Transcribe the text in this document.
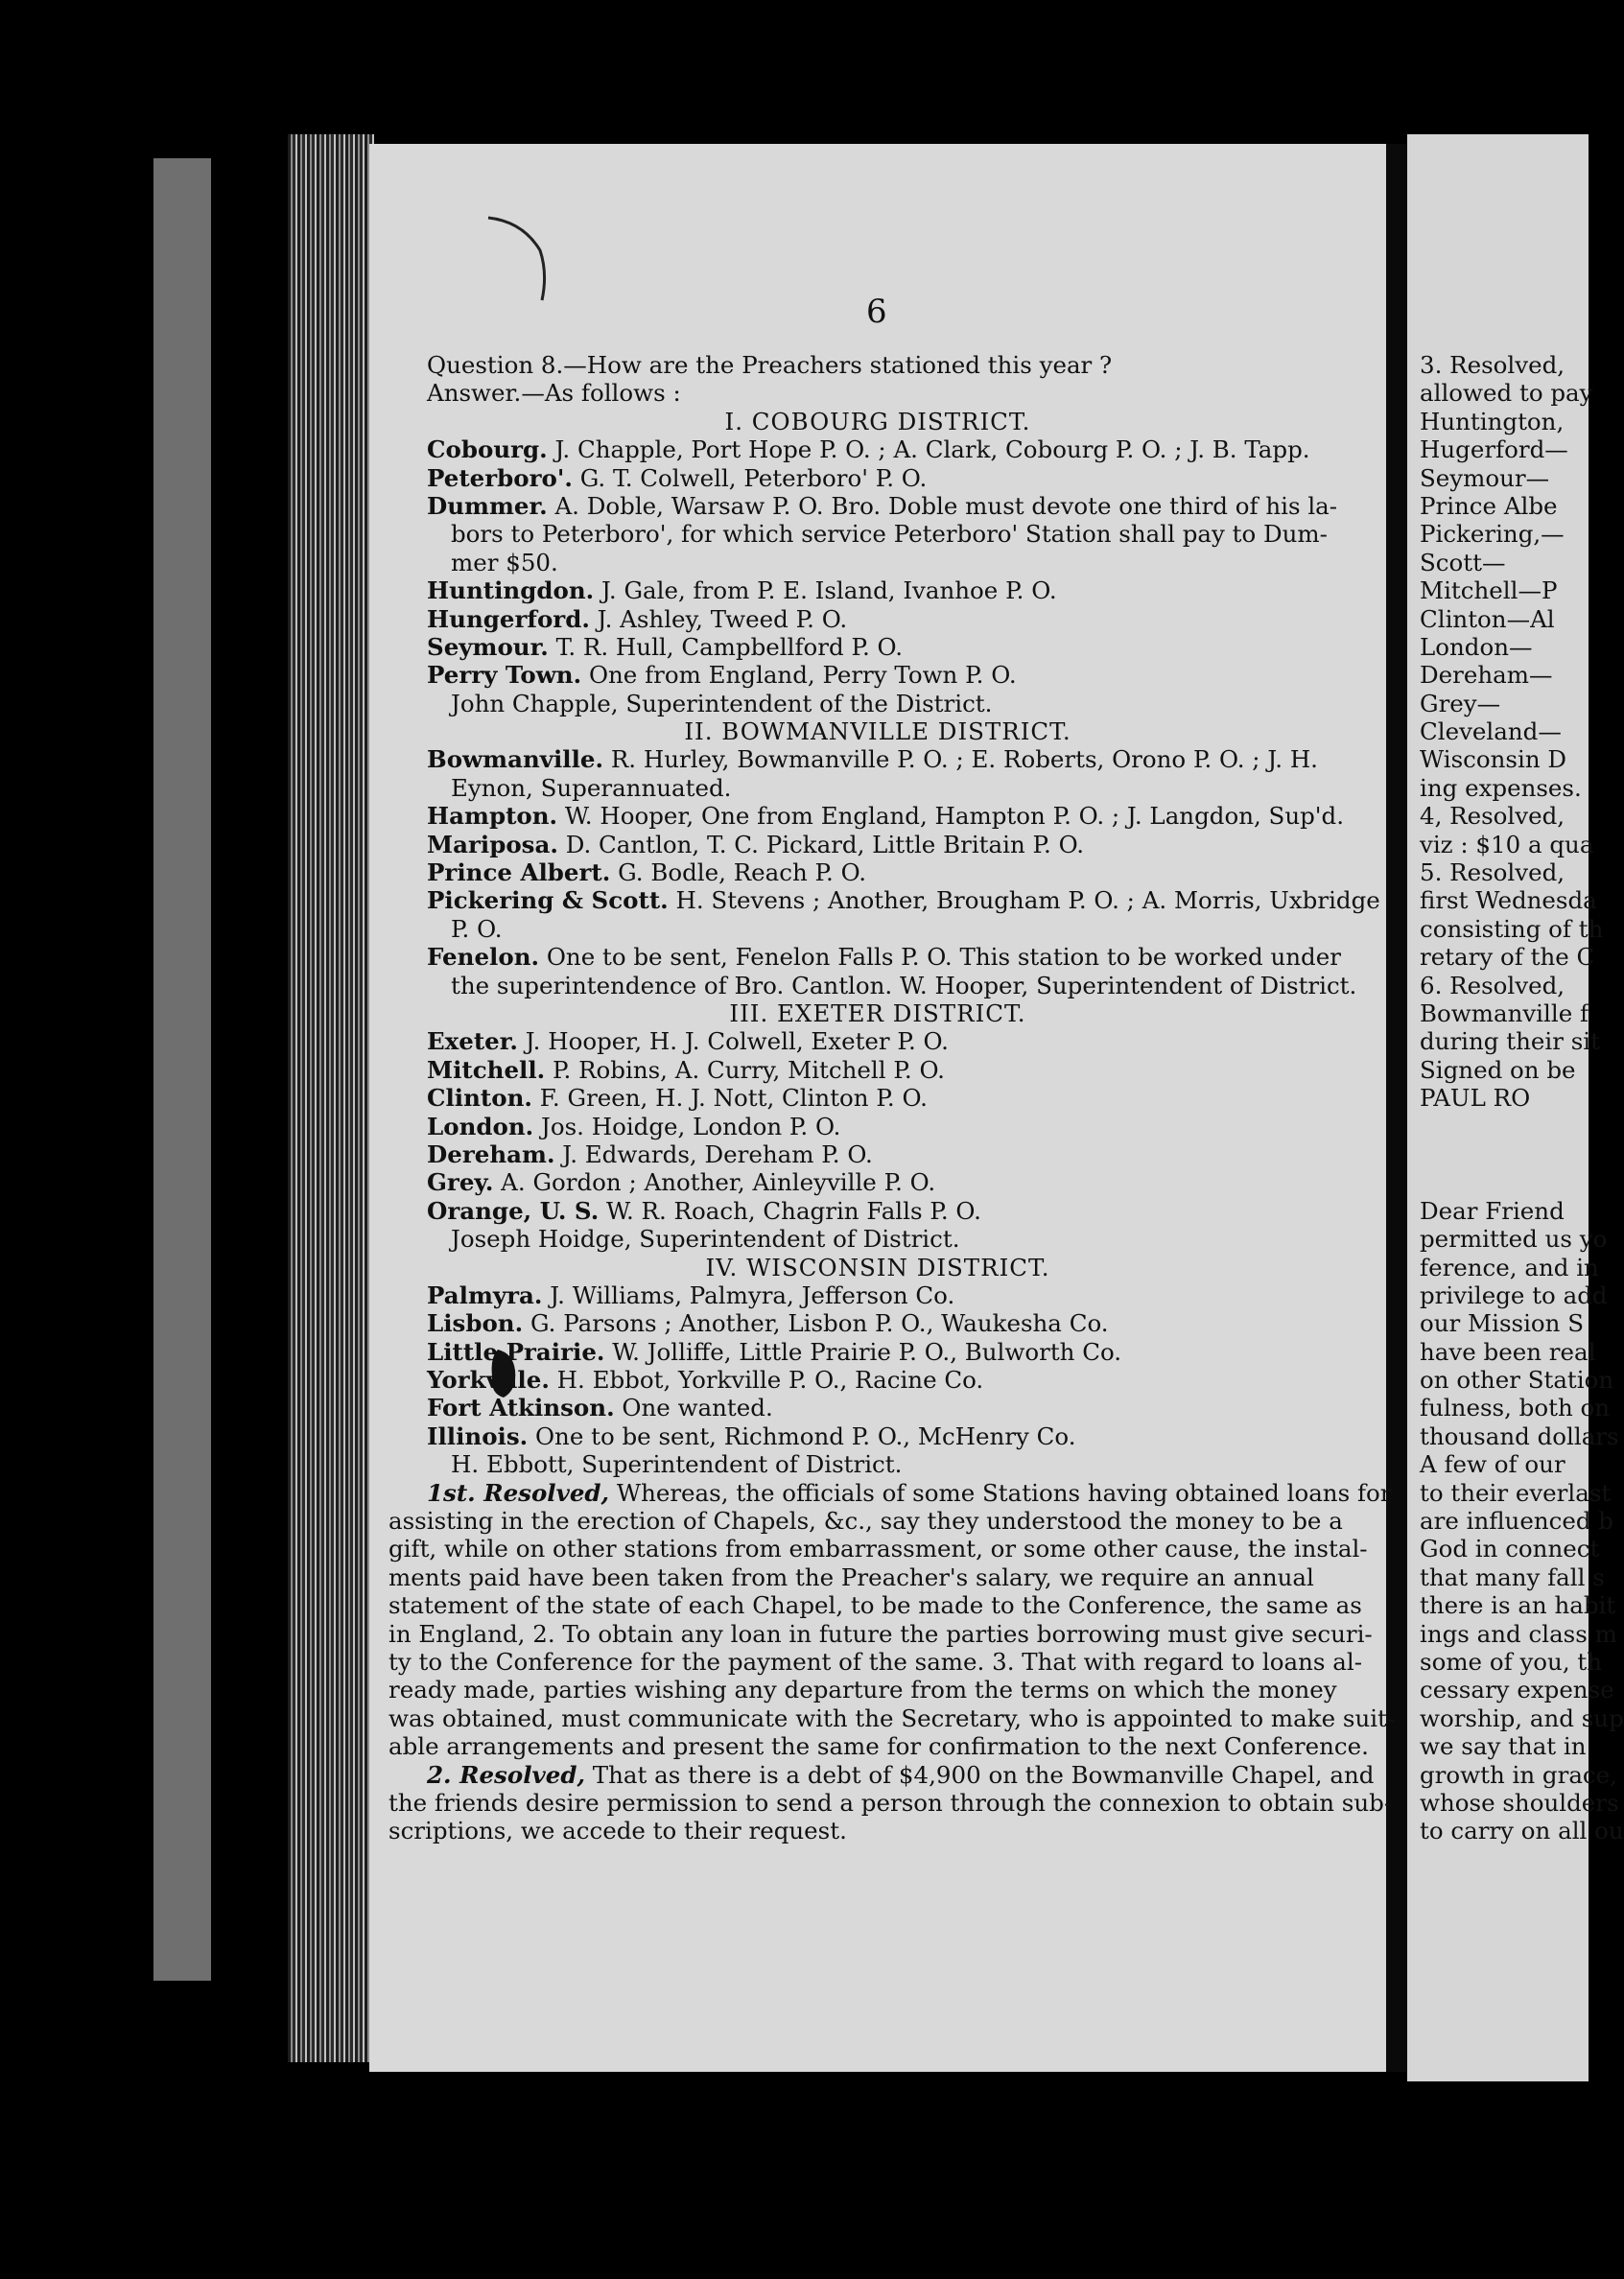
6
Question 8.—How are the Preachers stationed this year ?
Answer.—As follows :
I. COBOURG DISTRICT.
Cobourg. J. Chapple, Port Hope P. O. ; A. Clark, Cobourg P. O. ; J. B. Tapp.
Peterboro'. G. T. Colwell, Peterboro' P. O.
Dummer. A. Doble, Warsaw P. O. Bro. Doble must devote one third of his la-
bors to Peterboro', for which service Peterboro' Station shall pay to Dum-
mer $50.
Huntingdon. J. Gale, from P. E. Island, Ivanhoe P. O.
Hungerford. J. Ashley, Tweed P. O.
Seymour. T. R. Hull, Campbellford P. O.
Perry Town. One from England, Perry Town P. O.
John Chapple, Superintendent of the District.
II. BOWMANVILLE DISTRICT.
Bowmanville. R. Hurley, Bowmanville P. O. ; E. Roberts, Orono P. O. ; J. H.
Eynon, Superannuated.
Hampton. W. Hooper, One from England, Hampton P. O. ; J. Langdon, Sup'd.
Mariposa. D. Cantlon, T. C. Pickard, Little Britain P. O.
Prince Albert. G. Bodle, Reach P. O.
Pickering & Scott. H. Stevens ; Another, Brougham P. O. ; A. Morris, Uxbridge
P. O.
Fenelon. One to be sent, Fenelon Falls P. O. This station to be worked under
the superintendence of Bro. Cantlon. W. Hooper, Superintendent of District.
III. EXETER DISTRICT.
Exeter. J. Hooper, H. J. Colwell, Exeter P. O.
Mitchell. P. Robins, A. Curry, Mitchell P. O.
Clinton. F. Green, H. J. Nott, Clinton P. O.
London. Jos. Hoidge, London P. O.
Dereham. J. Edwards, Dereham P. O.
Grey. A. Gordon ; Another, Ainleyville P. O.
Orange, U. S. W. R. Roach, Chagrin Falls P. O.
Joseph Hoidge, Superintendent of District.
IV. WISCONSIN DISTRICT.
Palmyra. J. Williams, Palmyra, Jefferson Co.
Lisbon. G. Parsons ; Another, Lisbon P. O., Waukesha Co.
Little Prairie. W. Jolliffe, Little Prairie P. O., Bulworth Co.
Yorkville. H. Ebbot, Yorkville P. O., Racine Co.
Fort Atkinson. One wanted.
Illinois. One to be sent, Richmond P. O., McHenry Co.
H. Ebbott, Superintendent of District.
1st. Resolved, Whereas, the officials of some Stations having obtained loans for
assisting in the erection of Chapels, &c., say they understood the money to be a
gift, while on other stations from embarrassment, or some other cause, the instal-
ments paid have been taken from the Preacher's salary, we require an annual
statement of the state of each Chapel, to be made to the Conference, the same as
in England, 2. To obtain any loan in future the parties borrowing must give securi-
ty to the Conference for the payment of the same. 3. That with regard to loans al-
ready made, parties wishing any departure from the terms on which the money
was obtained, must communicate with the Secretary, who is appointed to make suit-
able arrangements and present the same for confirmation to the next Conference.
2. Resolved, That as there is a debt of $4,900 on the Bowmanville Chapel, and
the friends desire permission to send a person through the connexion to obtain sub-
scriptions, we accede to their request.
3. Resolved,
allowed to pay
Huntington,
Hugerford—
Seymour—
Prince Albe
Pickering,—
Scott—
Mitchell—P
Clinton—Al
London—
Dereham—
Grey—
Cleveland—
Wisconsin D
ing expenses.
4, Resolved,
viz : $10 a qua
5. Resolved,
first Wednesda
consisting of th
retary of the C
6. Resolved,
Bowmanville f
during their sit
Signed on be
PAUL RO
Dear Friend
permitted us yo
ference, and in
privilege to add
our Mission S
have been real
on other Station
fulness, both on
thousand dollars
A few of our
to their everlast
are influenced b
God in connect
that many fall s
there is an habit
ings and class m
some of you, th
cessary expense
worship, and sup
we say that in
growth in grace,
whose shoulders
to carry on all ou
